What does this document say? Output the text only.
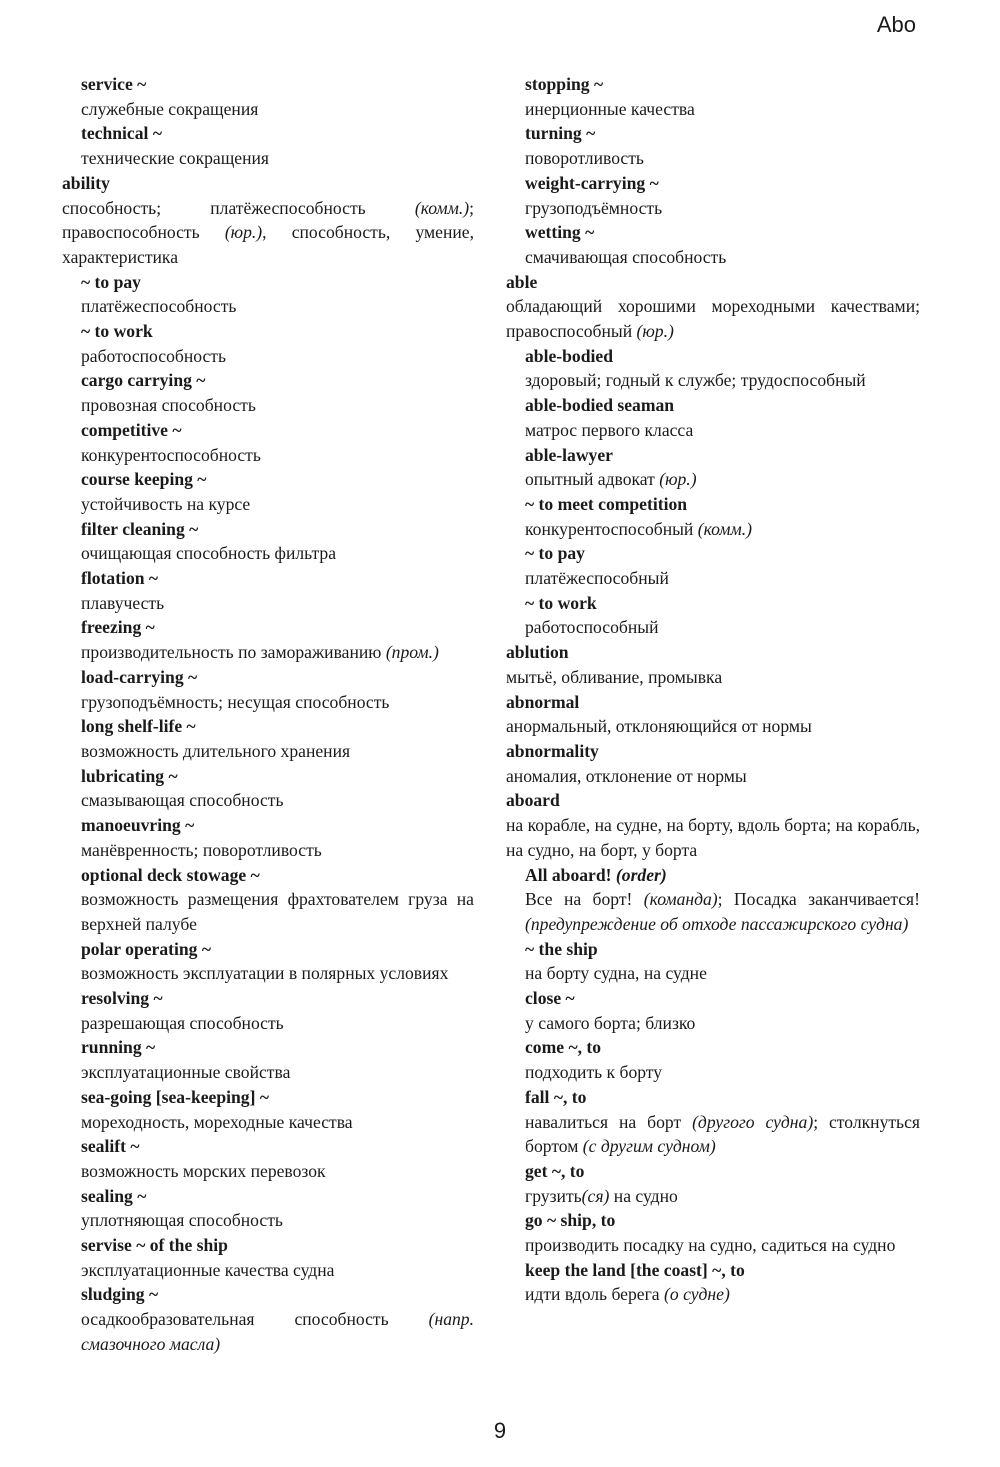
Abo
service ~
служебные сокращения
technical ~
технические сокращения
ability
способность; платёжеспособность (комм.); правоспособность (юр.), способность, умение, характеристика
~ to pay
платёжеспособность
~ to work
работоспособность
cargo carrying ~
провозная способность
competitive ~
конкурентоспособность
course keeping ~
устойчивость на курсе
filter cleaning ~
очищающая способность фильтра
flotation ~
плавучесть
freezing ~
производительность по замораживанию (пром.)
load-carrying ~
грузоподъёмность; несущая способность
long shelf-life ~
возможность длительного хранения
lubricating ~
смазывающая способность
manoeuvring ~
манёвренность; поворотливость
optional deck stowage ~
возможность размещения фрахтователем груза на верхней палубе
polar operating ~
возможность эксплуатации в полярных условиях
resolving ~
разрешающая способность
running ~
эксплуатационные свойства
sea-going [sea-keeping] ~
мореходность, мореходные качества
sealift ~
возможность морских перевозок
sealing ~
уплотняющая способность
servise ~ of the ship
эксплуатационные качества судна
sludging ~
осадкообразовательная способность (напр. смазочного масла)
stopping ~
инерционные качества
turning ~
поворотливость
weight-carrying ~
грузоподъёмность
wetting ~
смачивающая способность
able
обладающий хорошими мореходными качествами; правоспособный (юр.)
able-bodied
здоровый; годный к службе; трудоспособный
able-bodied seaman
матрос первого класса
able-lawyer
опытный адвокат (юр.)
~ to meet competition
конкурентоспособный (комм.)
~ to pay
платёжеспособный
~ to work
работоспособный
ablution
мытьё, обливание, промывка
abnormal
анормальный, отклоняющийся от нормы
abnormality
аномалия, отклонение от нормы
aboard
на корабле, на судне, на борту, вдоль борта; на корабль, на судно, на борт, у борта
All aboard! (order)
Все на борт! (команда); Посадка заканчивается! (предупреждение об отходе пассажирского судна)
~ the ship
на борту судна, на судне
close ~
у самого борта; близко
come ~, to
подходить к борту
fall ~, to
навалиться на борт (другого судна); столкнуться бортом (с другим судном)
get ~, to
грузить(ся) на судно
go ~ ship, to
производить посадку на судно, садиться на судно
keep the land [the coast] ~, to
идти вдоль берега (о судне)
9
